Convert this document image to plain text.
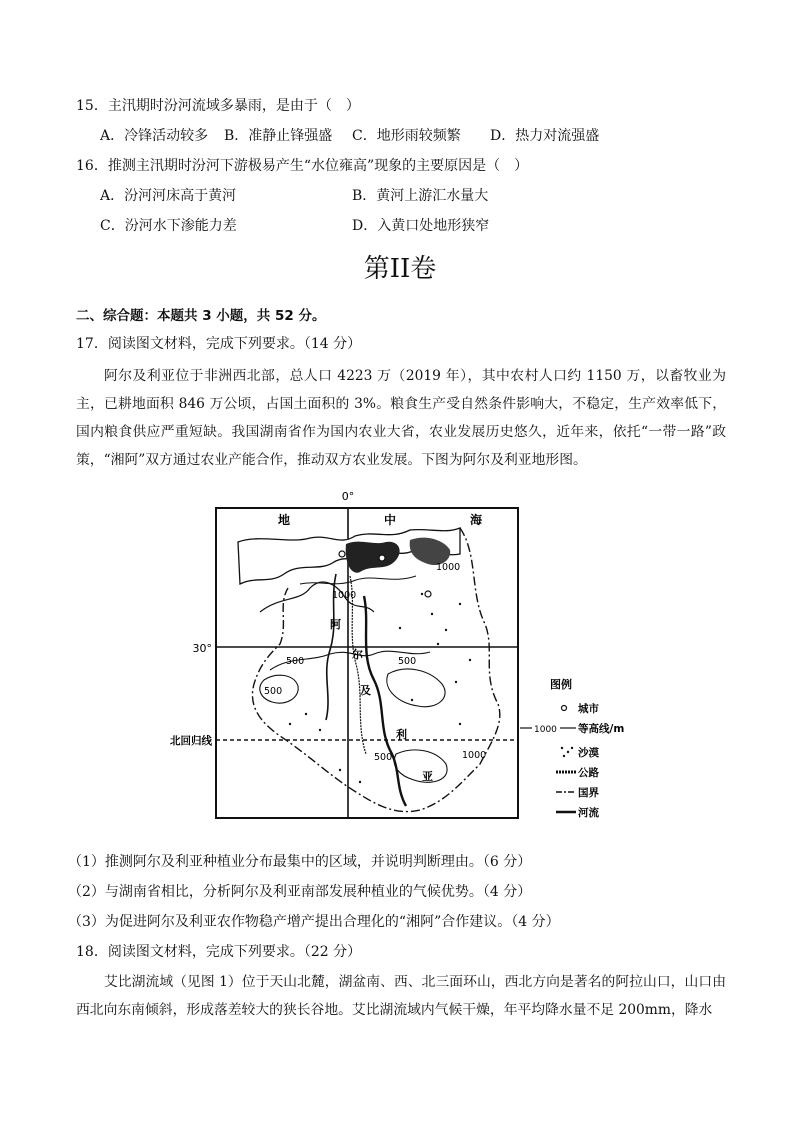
15．主汛期时汾河流域多暴雨，是由于（　）
A．冷锋活动较多 B．准静止锋强盛 C．地形雨较频繁 D．热力对流强盛
16．推测主汛期时汾河下游极易产生“水位雍高”现象的主要原因是（　）
A．汾河河床高于黄河	B．黄河上游汇水量大
C．汾河水下渗能力差	D．入黄口处地形狭窄
第II卷
二、综合题：本题共 3 小题，共 52 分。
17．阅读图文材料，完成下列要求。（14 分）
阿尔及利亚位于非洲西北部，总人口 4223 万（2019 年），其中农村人口约 1150 万，以畜牧业为主，已耕地面积 846 万公顷，占国土面积的 3%。粮食生产受自然条件影响大，不稳定，生产效率低下，国内粮食供应严重短缺。我国湖南省作为国内农业大省，农业发展历史悠久，近年来，依托“一带一路”政策，“湘阿”双方通过农业产能合作，推动双方农业发展。下图为阿尔及利亚地形图。
0°
30°
北回归线
地	中	海
阿
尔
及
利
亚
1000
1000
500	500
500
500	1000
图例
城市
1000 等高线/m
沙漠
公路
国界
河流
（1）推测阿尔及利亚种植业分布最集中的区域，并说明判断理由。（6 分）
（2）与湖南省相比，分析阿尔及利亚南部发展种植业的气候优势。（4 分）
（3）为促进阿尔及利亚农作物稳产增产提出合理化的“湘阿”合作建议。（4 分）
18．阅读图文材料，完成下列要求。（22 分）
艾比湖流域（见图 1）位于天山北麓，湖盆南、西、北三面环山，西北方向是著名的阿拉山口，山口由西北向东南倾斜，形成落差较大的狭长谷地。艾比湖流域内气候干燥，年平均降水量不足 200mm，降水
